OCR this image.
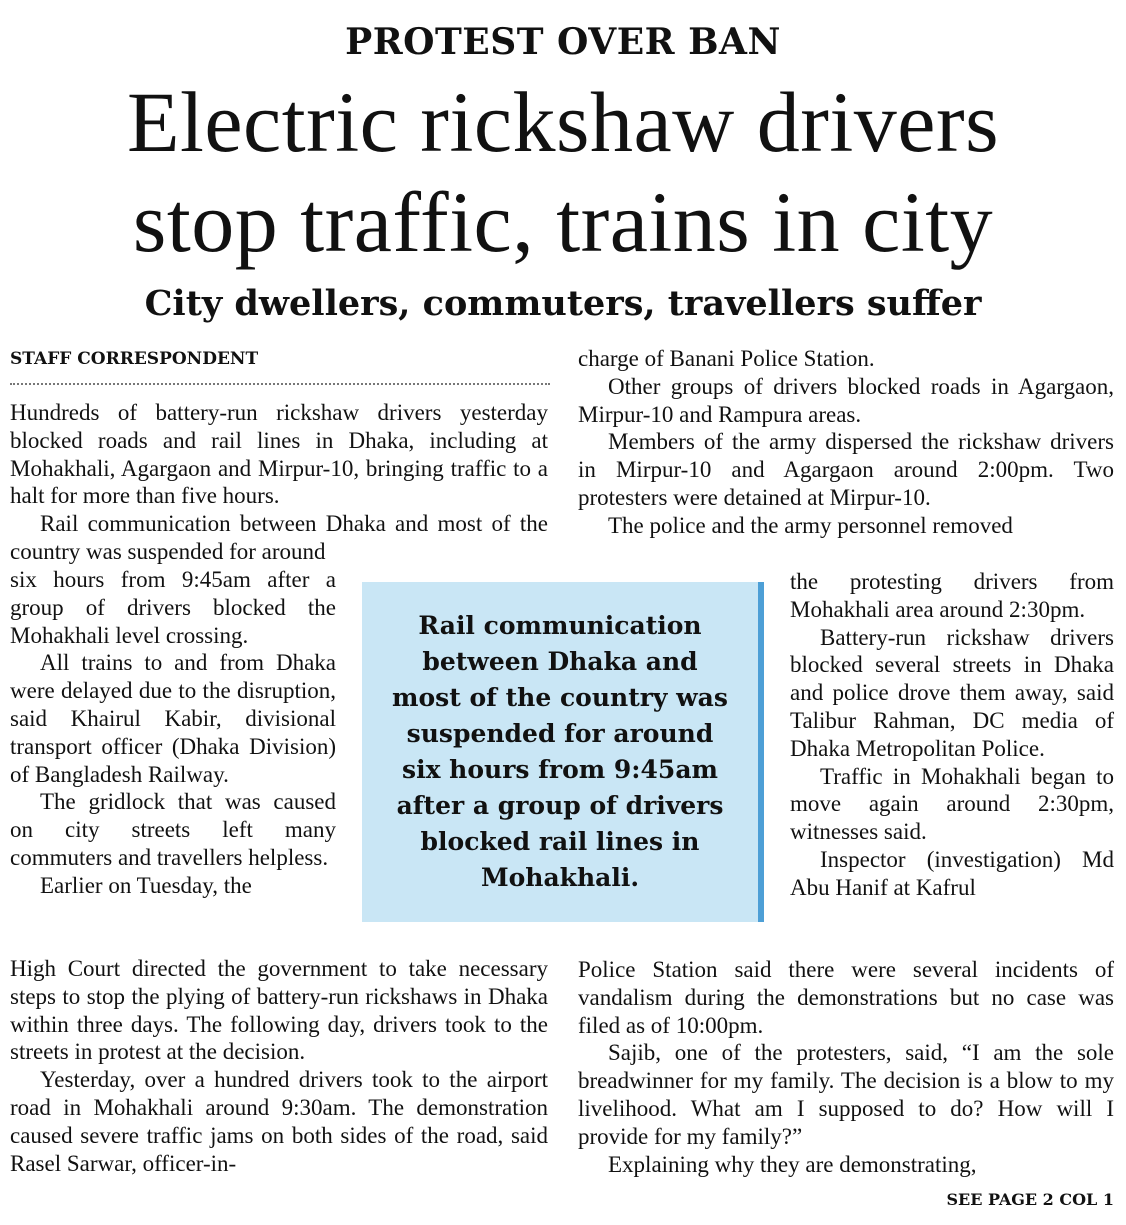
PROTEST OVER BAN
Electric rickshaw drivers
stop traffic, trains in city
City dwellers, commuters, travellers suffer
STAFF CORRESPONDENT
Hundreds of battery-run rickshaw drivers yesterday blocked roads and rail lines in Dhaka, including at Mohakhali, Agargaon and Mirpur-10, bringing traffic to a halt for more than five hours.
Rail communication between Dhaka and most of the country was suspended for around
six hours from 9:45am after a group of drivers blocked the Mohakhali level crossing.
All trains to and from Dhaka were delayed due to the disruption, said Khairul Kabir, divisional transport officer (Dhaka Division) of Bangladesh Railway.
The gridlock that was caused on city streets left many commuters and travellers helpless.
Earlier on Tuesday, the
High Court directed the government to take necessary steps to stop the plying of battery-run rickshaws in Dhaka within three days. The following day, drivers took to the streets in protest at the decision.
Yesterday, over a hundred drivers took to the airport road in Mohakhali around 9:30am. The demonstration caused severe traffic jams on both sides of the road, said Rasel Sarwar, officer-in-
Rail communication between Dhaka and most of the country was suspended for around six hours from 9:45am after a group of drivers blocked rail lines in Mohakhali.
charge of Banani Police Station.
Other groups of drivers blocked roads in Agargaon, Mirpur-10 and Rampura areas.
Members of the army dispersed the rickshaw drivers in Mirpur-10 and Agargaon around 2:00pm. Two protesters were detained at Mirpur-10.
The police and the army personnel removed
the protesting drivers from Mohakhali area around 2:30pm.
Battery-run rickshaw drivers blocked several streets in Dhaka and police drove them away, said Talibur Rahman, DC media of Dhaka Metropolitan Police.
Traffic in Mohakhali began to move again around 2:30pm, witnesses said.
Inspector (investigation) Md Abu Hanif at Kafrul
Police Station said there were several incidents of vandalism during the demonstrations but no case was filed as of 10:00pm.
Sajib, one of the protesters, said, “I am the sole breadwinner for my family. The decision is a blow to my livelihood. What am I supposed to do? How will I provide for my family?”
Explaining why they are demonstrating,
SEE PAGE 2 COL 1
